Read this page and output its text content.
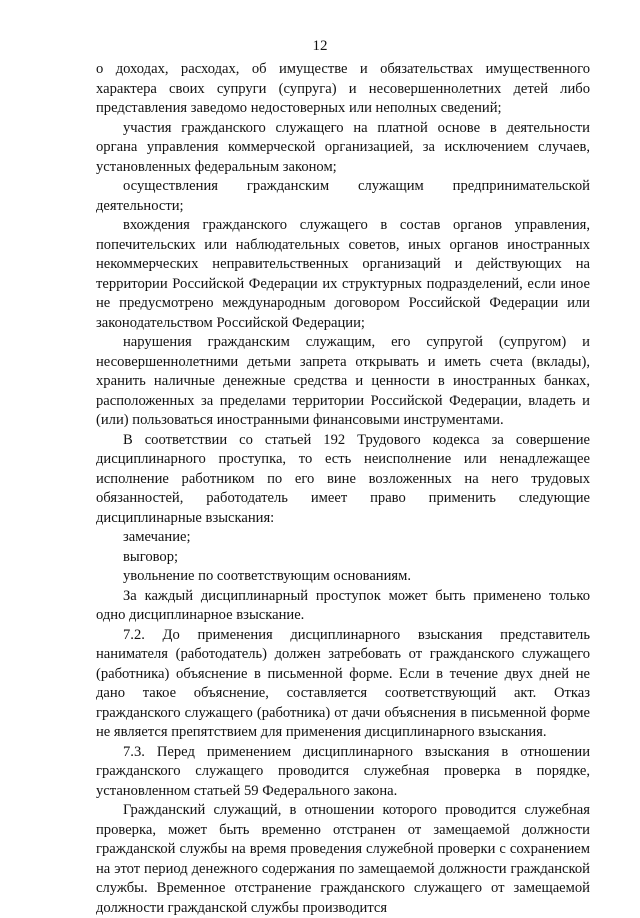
12

о доходах, расходах, об имуществе и обязательствах имущественного характера своих супруги (супруга) и несовершеннолетних детей либо представления заведомо недостоверных или неполных сведений;

участия гражданского служащего на платной основе в деятельности органа управления коммерческой организацией, за исключением случаев, установленных федеральным законом;

осуществления гражданским служащим предпринимательской деятельности;

вхождения гражданского служащего в состав органов управления, попечительских или наблюдательных советов, иных органов иностранных некоммерческих неправительственных организаций и действующих на территории Российской Федерации их структурных подразделений, если иное не предусмотрено международным договором Российской Федерации или законодательством Российской Федерации;

нарушения гражданским служащим, его супругой (супругом) и несовершеннолетними детьми запрета открывать и иметь счета (вклады), хранить наличные денежные средства и ценности в иностранных банках, расположенных за пределами территории Российской Федерации, владеть и (или) пользоваться иностранными финансовыми инструментами.

В соответствии со статьей 192 Трудового кодекса за совершение дисциплинарного проступка, то есть неисполнение или ненадлежащее исполнение работником по его вине возложенных на него трудовых обязанностей, работодатель имеет право применить следующие дисциплинарные взыскания:

замечание;

выговор;

увольнение по соответствующим основаниям.

За каждый дисциплинарный проступок может быть применено только одно дисциплинарное взыскание.

7.2. До применения дисциплинарного взыскания представитель нанимателя (работодатель) должен затребовать от гражданского служащего (работника) объяснение в письменной форме. Если в течение двух дней не дано такое объяснение, составляется соответствующий акт. Отказ гражданского служащего (работника) от дачи объяснения в письменной форме не является препятствием для применения дисциплинарного взыскания.

7.3. Перед применением дисциплинарного взыскания в отношении гражданского служащего проводится служебная проверка в порядке, установленном статьей 59 Федерального закона.

Гражданский служащий, в отношении которого проводится служебная проверка, может быть временно отстранен от замещаемой должности гражданской службы на время проведения служебной проверки с сохранением на этот период денежного содержания по замещаемой должности гражданской службы. Временное отстранение гражданского служащего от замещаемой должности гражданской службы производится
